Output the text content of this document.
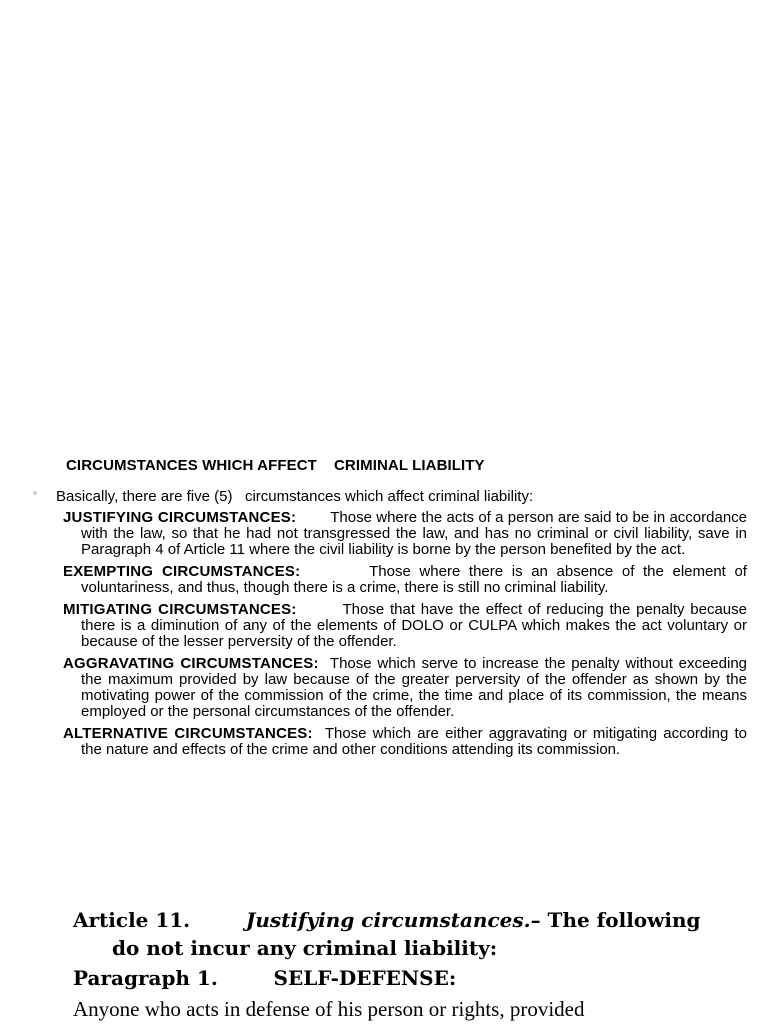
CIRCUMSTANCES WHICH AFFECT    CRIMINAL LIABILITY
Basically, there are five (5)   circumstances which affect criminal liability:
JUSTIFYING CIRCUMSTANCES: Those where the acts of a person are said to be in accordance with the law, so that he had not transgressed the law, and has no criminal or civil liability, save in Paragraph 4 of Article 11 where the civil liability is borne by the person benefited by the act.
EXEMPTING CIRCUMSTANCES:	Those where there is an absence of the element of voluntariness, and thus, though there is a crime, there is still no criminal liability.
MITIGATING CIRCUMSTANCES:	Those that have the effect of reducing the penalty because there is a diminution of any of the elements of DOLO or CULPA which makes the act voluntary or because of the lesser perversity of the offender.
AGGRAVATING CIRCUMSTANCES: Those which serve to increase the penalty without exceeding the maximum provided by law because of the greater perversity of the offender as shown by the motivating power of the commission of the crime, the time and place of its commission, the means employed or the personal circumstances of the offender.
ALTERNATIVE CIRCUMSTANCES: Those which are either aggravating or mitigating according to the nature and effects of the crime and other conditions attending its commission.
Article 11.	Justifying circumstances.– The following
do not incur any criminal liability:
Paragraph 1.	SELF-DEFENSE:
Anyone who acts in defense of his person or rights, provided
